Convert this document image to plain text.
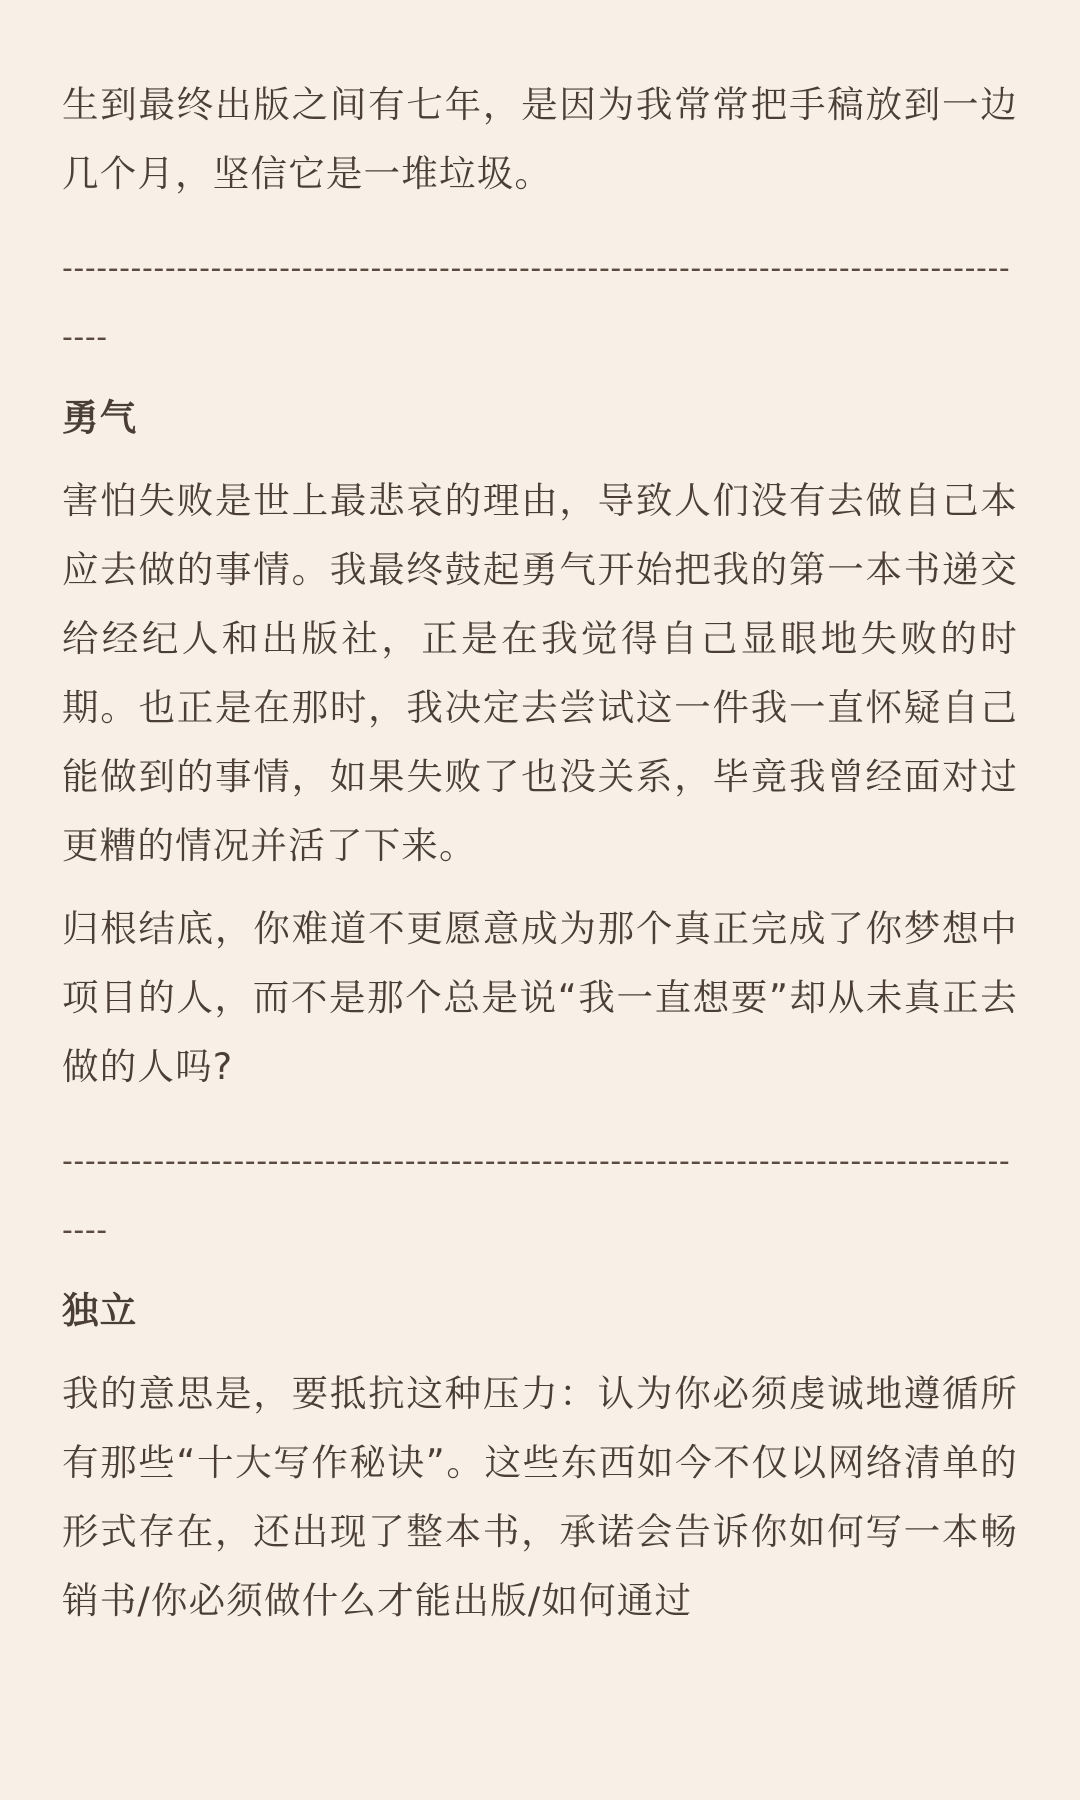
生到最终出版之间有七年，是因为我常常把手稿放到一边几个月，坚信它是一堆垃圾。

---------------------------------------------------------------------------------------

勇气

害怕失败是世上最悲哀的理由，导致人们没有去做自己本应去做的事情。我最终鼓起勇气开始把我的第一本书递交给经纪人和出版社，正是在我觉得自己显眼地失败的时期。也正是在那时，我决定去尝试这一件我一直怀疑自己能做到的事情，如果失败了也没关系，毕竟我曾经面对过更糟的情况并活了下来。

归根结底，你难道不更愿意成为那个真正完成了你梦想中项目的人，而不是那个总是说“我一直想要”却从未真正去做的人吗?

---------------------------------------------------------------------------------------

独立

我的意思是，要抵抗这种压力：认为你必须虔诚地遵循所有那些“十大写作秘诀”。这些东西如今不仅以网络清单的形式存在，还出现了整本书，承诺会告诉你如何写一本畅销书/你必须做什么才能出版/如何通过
